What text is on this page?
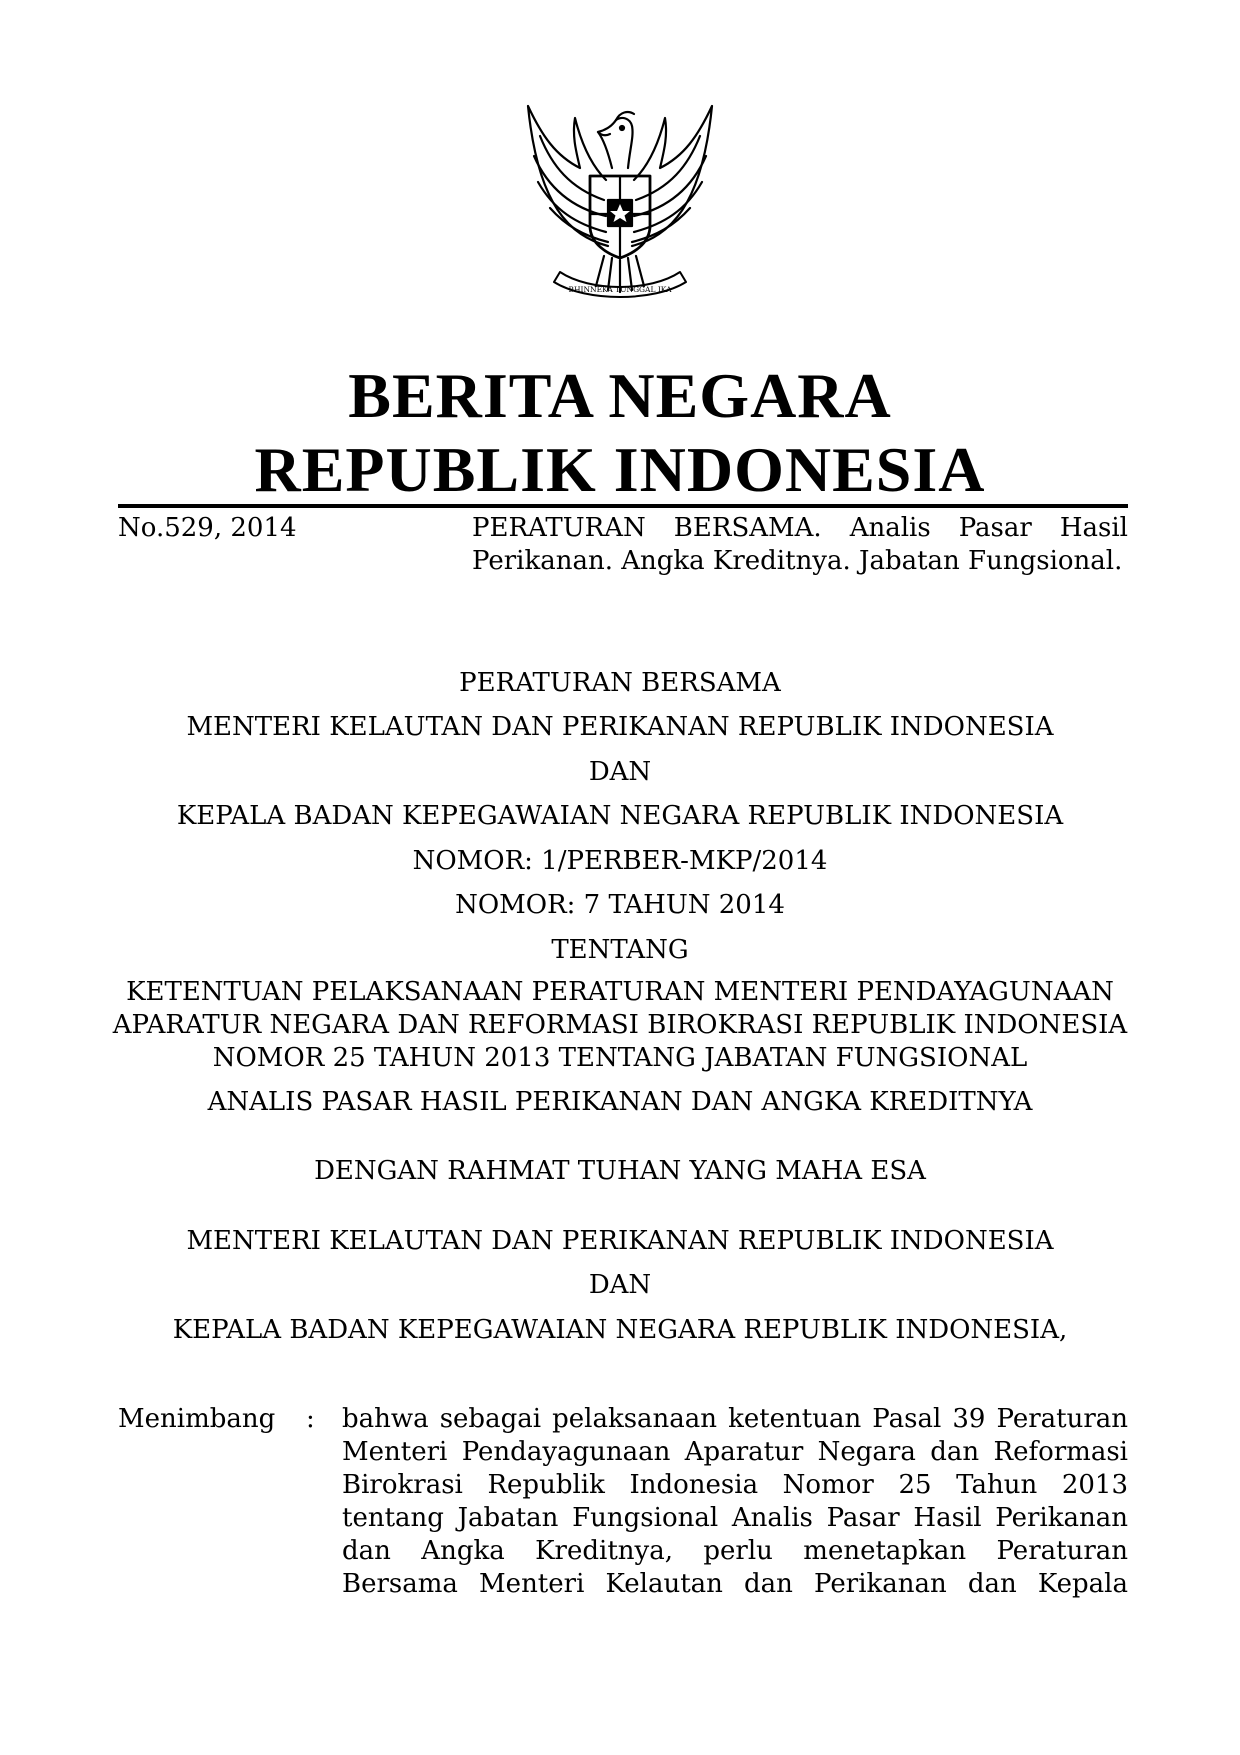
BHINNEKA TUNGGAL IKA
BERITA NEGARA
REPUBLIK INDONESIA
No.529, 2014	PERATURAN BERSAMA. Analis Pasar Hasil Perikanan. Angka Kreditnya. Jabatan Fungsional.
PERATURAN BERSAMA
MENTERI KELAUTAN DAN PERIKANAN REPUBLIK INDONESIA
DAN
KEPALA BADAN KEPEGAWAIAN NEGARA REPUBLIK INDONESIA
NOMOR: 1/PERBER-MKP/2014
NOMOR: 7 TAHUN 2014
TENTANG
KETENTUAN PELAKSANAAN PERATURAN MENTERI PENDAYAGUNAAN
APARATUR NEGARA DAN REFORMASI BIROKRASI REPUBLIK INDONESIA
NOMOR 25 TAHUN 2013 TENTANG JABATAN FUNGSIONAL
ANALIS PASAR HASIL PERIKANAN DAN ANGKA KREDITNYA
DENGAN RAHMAT TUHAN YANG MAHA ESA
MENTERI KELAUTAN DAN PERIKANAN REPUBLIK INDONESIA
DAN
KEPALA BADAN KEPEGAWAIAN NEGARA REPUBLIK INDONESIA,
Menimbang : bahwa sebagai pelaksanaan ketentuan Pasal 39 Peraturan
Menteri Pendayagunaan Aparatur Negara dan Reformasi
Birokrasi Republik Indonesia Nomor 25 Tahun 2013
tentang Jabatan Fungsional Analis Pasar Hasil Perikanan
dan Angka Kreditnya, perlu menetapkan Peraturan
Bersama Menteri Kelautan dan Perikanan dan Kepala
